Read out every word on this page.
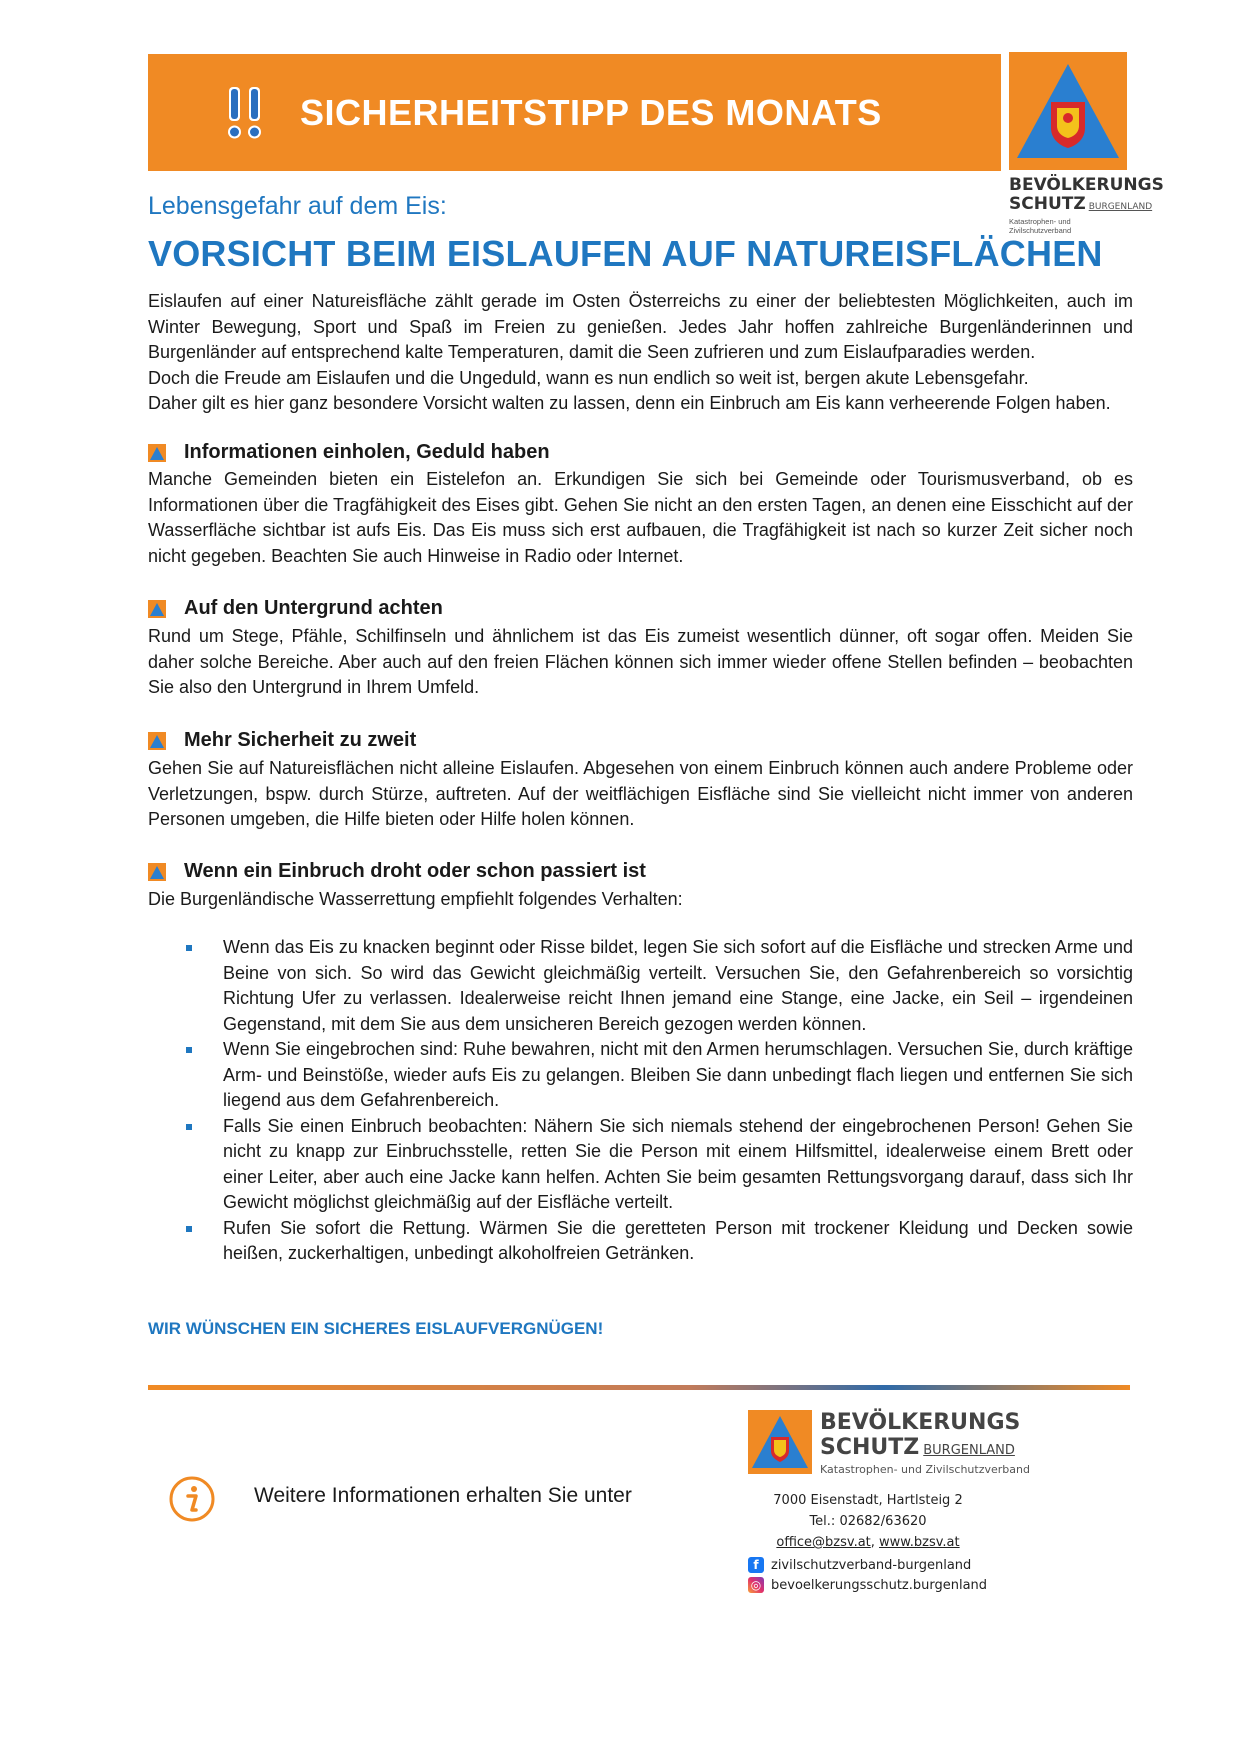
SICHERHEITSTIPP DES MONATS
BEVÖLKERUNGS
SCHUTZ BURGENLAND
Katastrophen- und Zivilschutzverband
Lebensgefahr auf dem Eis:
VORSICHT BEIM EISLAUFEN AUF NATUREISFLÄCHEN

Eislaufen auf einer Natureisfläche zählt gerade im Osten Österreichs zu einer der beliebtesten Möglichkeiten, auch im Winter Bewegung, Sport und Spaß im Freien zu genießen. Jedes Jahr hoffen zahlreiche Burgenländerinnen und Burgenländer auf entsprechend kalte Temperaturen, damit die Seen zufrieren und zum Eislaufparadies werden.

Doch die Freude am Eislaufen und die Ungeduld, wann es nun endlich so weit ist, bergen akute Lebensgefahr.

Daher gilt es hier ganz besondere Vorsicht walten zu lassen, denn ein Einbruch am Eis kann verheerende Folgen haben.

Informationen einholen, Geduld haben

Manche Gemeinden bieten ein Eistelefon an. Erkundigen Sie sich bei Gemeinde oder Tourismusverband, ob es Informationen über die Tragfähigkeit des Eises gibt. Gehen Sie nicht an den ersten Tagen, an denen eine Eisschicht auf der Wasserfläche sichtbar ist aufs Eis. Das Eis muss sich erst aufbauen, die Tragfähigkeit ist nach so kurzer Zeit sicher noch nicht gegeben. Beachten Sie auch Hinweise in Radio oder Internet.

Auf den Untergrund achten

Rund um Stege, Pfähle, Schilfinseln und ähnlichem ist das Eis zumeist wesentlich dünner, oft sogar offen. Meiden Sie daher solche Bereiche. Aber auch auf den freien Flächen können sich immer wieder offene Stellen befinden – beobachten Sie also den Untergrund in Ihrem Umfeld.

Mehr Sicherheit zu zweit

Gehen Sie auf Natureisflächen nicht alleine Eislaufen. Abgesehen von einem Einbruch können auch andere Probleme oder Verletzungen, bspw. durch Stürze, auftreten. Auf der weitflächigen Eisfläche sind Sie vielleicht nicht immer von anderen Personen umgeben, die Hilfe bieten oder Hilfe holen können.

Wenn ein Einbruch droht oder schon passiert ist

Die Burgenländische Wasserrettung empfiehlt folgendes Verhalten:

Wenn das Eis zu knacken beginnt oder Risse bildet, legen Sie sich sofort auf die Eisfläche und strecken Arme und Beine von sich. So wird das Gewicht gleichmäßig verteilt. Versuchen Sie, den Gefahrenbereich so vorsichtig Richtung Ufer zu verlassen. Idealerweise reicht Ihnen jemand eine Stange, eine Jacke, ein Seil – irgendeinen Gegenstand, mit dem Sie aus dem unsicheren Bereich gezogen werden können.
Wenn Sie eingebrochen sind: Ruhe bewahren, nicht mit den Armen herumschlagen. Versuchen Sie, durch kräftige Arm- und Beinstöße, wieder aufs Eis zu gelangen. Bleiben Sie dann unbedingt flach liegen und entfernen Sie sich liegend aus dem Gefahrenbereich.
Falls Sie einen Einbruch beobachten: Nähern Sie sich niemals stehend der eingebrochenen Person! Gehen Sie nicht zu knapp zur Einbruchsstelle, retten Sie die Person mit einem Hilfsmittel, idealerweise einem Brett oder einer Leiter, aber auch eine Jacke kann helfen. Achten Sie beim gesamten Rettungsvorgang darauf, dass sich Ihr Gewicht möglichst gleichmäßig auf der Eisfläche verteilt.
Rufen Sie sofort die Rettung. Wärmen Sie die geretteten Person mit trockener Kleidung und Decken sowie heißen, zuckerhaltigen, unbedingt alkoholfreien Getränken.
WIR WÜNSCHEN EIN SICHERES EISLAUFVERGNÜGEN!
Weitere Informationen erhalten Sie unter
BEVÖLKERUNGS
SCHUTZ BURGENLAND
Katastrophen- und Zivilschutzverband
7000 Eisenstadt, Hartlsteig 2
Tel.: 02682/63620
office@bzsv.at, www.bzsv.at
f zivilschutzverband-burgenland
◎ bevoelkerungsschutz.burgenland
